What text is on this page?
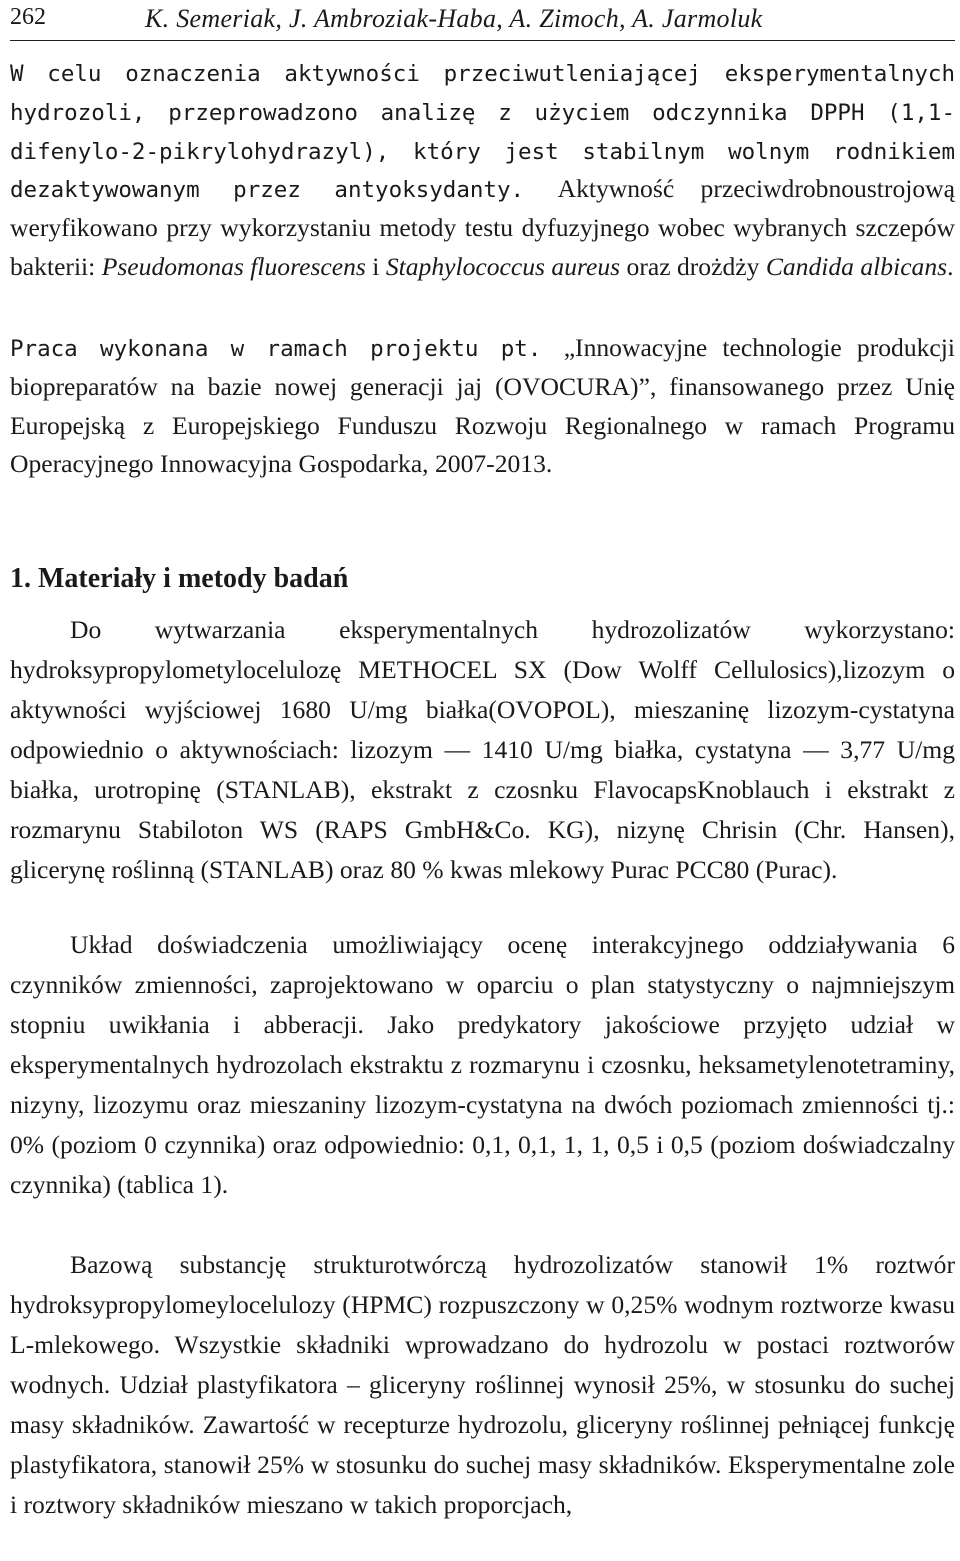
262	K. Semeriak, J. Ambroziak-Haba, A. Zimoch, A. Jarmoluk

W celu oznaczenia aktywności przeciwutleniającej eksperymentalnych hydrozoli, przeprowadzono analizę z użyciem odczynnika DPPH (1,1-difenylo-2-pikrylohydrazyl), który jest stabilnym wolnym rodnikiem dezaktywowanym przez antyoksydanty. Aktywność przeciwdrobnoustrojową weryfikowano przy wykorzystaniu metody testu dyfuzyjnego wobec wybranych szczepów bakterii: Pseudomonas fluorescens i Staphylococcus aureus oraz drożdży Candida albicans.

Praca wykonana w ramach projektu pt. „Innowacyjne technologie produkcji biopreparatów na bazie nowej generacji jaj (OVOCURA)”, finansowanego przez Unię Europejską z Europejskiego Funduszu Rozwoju Regionalnego w ramach Programu Operacyjnego Innowacyjna Gospodarka, 2007-2013.

1. Materiały i metody badań

Do wytwarzania eksperymentalnych hydrozolizatów wykorzystano: hydroksypropylometylocelulozę METHOCEL SX (Dow Wolff Cellulosics),lizozym o aktywności wyjściowej 1680 U/mg białka(OVOPOL), mieszaninę lizozym-cystatyna odpowiednio o aktywnościach: lizozym — 1410 U/mg białka, cystatyna — 3,77 U/mg białka, urotropinę (STANLAB), ekstrakt z czosnku FlavocapsKnoblauch i ekstrakt z rozmarynu Stabiloton WS (RAPS GmbH&Co. KG), nizynę Chrisin (Chr. Hansen), glicerynę roślinną (STANLAB) oraz 80 % kwas mlekowy Purac PCC80 (Purac).

Układ doświadczenia umożliwiający ocenę interakcyjnego oddziaływania 6 czynników zmienności, zaprojektowano w oparciu o plan statystyczny o najmniejszym stopniu uwikłania i abberacji. Jako predykatory jakościowe przyjęto udział w eksperymentalnych hydrozolach ekstraktu z rozmarynu i czosnku, heksametylenotetraminy, nizyny, lizozymu oraz mieszaniny lizozym-cystatyna na dwóch poziomach zmienności tj.: 0% (poziom 0 czynnika) oraz odpowiednio: 0,1, 0,1, 1, 1, 0,5 i 0,5 (poziom doświadczalny czynnika) (tablica 1).

Bazową substancję strukturotwórczą hydrozolizatów stanowił 1% roztwór hydroksypropylomeylocelulozy (HPMC) rozpuszczony w 0,25% wodnym roztworze kwasu L-mlekowego. Wszystkie składniki wprowadzano do hydrozolu w postaci roztworów wodnych. Udział plastyfikatora – gliceryny roślinnej wynosił 25%, w stosunku do suchej masy składników. Zawartość w recepturze hydrozolu, gliceryny roślinnej pełniącej funkcję plastyfikatora, stanowił 25% w stosunku do suchej masy składników. Eksperymentalne zole i roztwory składników mieszano w takich proporcjach,
